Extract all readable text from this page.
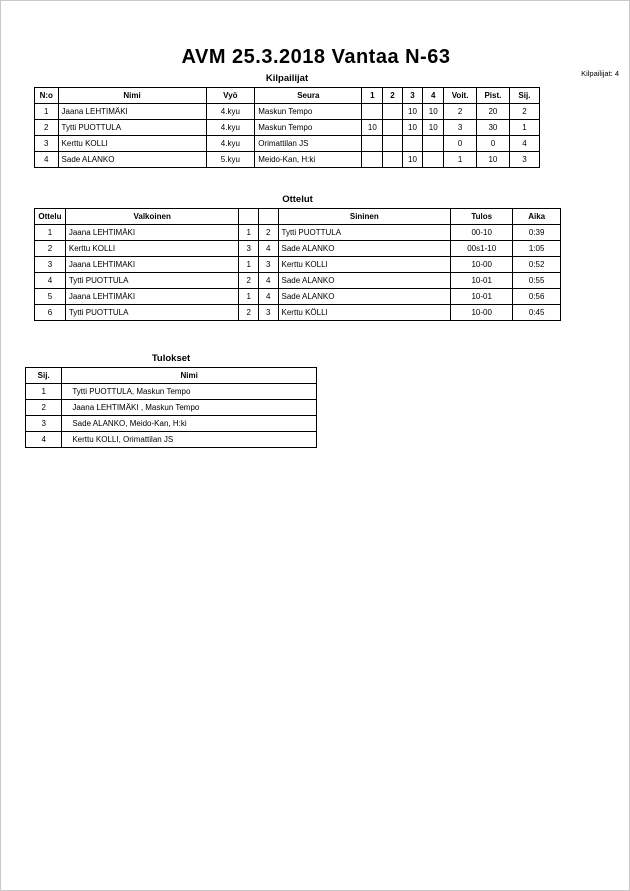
AVM 25.3.2018 Vantaa N-63
Kilpailijat: 4
Kilpailijat
N:o	Nimi	Vyö	Seura	1	2	3	4	Voit.	Pist.	Sij.
1	Jaana LEHTIMÄKI	4.kyu	Maskun Tempo			10	10	2	20	2
2	Tytti PUOTTULA	4.kyu	Maskun Tempo	10		10	10	3	30	1
3	Kerttu KOLLI	4.kyu	Orimattilan JS					0	0	4
4	Sade ALANKO	5.kyu	Meido-Kan, H:ki			10		1	10	3
Ottelut
Ottelu	Valkoinen			Sininen	Tulos	Aika
1	Jaana LEHTIMÄKI	1	2	Tytti PUOTTULA	00-10	0:39
2	Kerttu KOLLI	3	4	Sade ALANKO	00s1-10	1:05
3	Jaana LEHTIMAKI	1	3	Kerttu KOLLI	10-00	0:52
4	Tytti PUOTTULA	2	4	Sade ALANKO	10-01	0:55
5	Jaana LEHTIMÄKI	1	4	Sade ALANKO	10-01	0:56
6	Tytti PUOTTULA	2	3	Kerttu KÖLLI	10-00	0:45
Tulokset
Sij.	Nimi
1	Tytti PUOTTULA, Maskun Tempo
2	Jaana LEHTIMÄKI , Maskun Tempo
3	Sade ALANKO, Meido-Kan, H:ki
4	Kerttu KOLLI, Orimattilan JS
